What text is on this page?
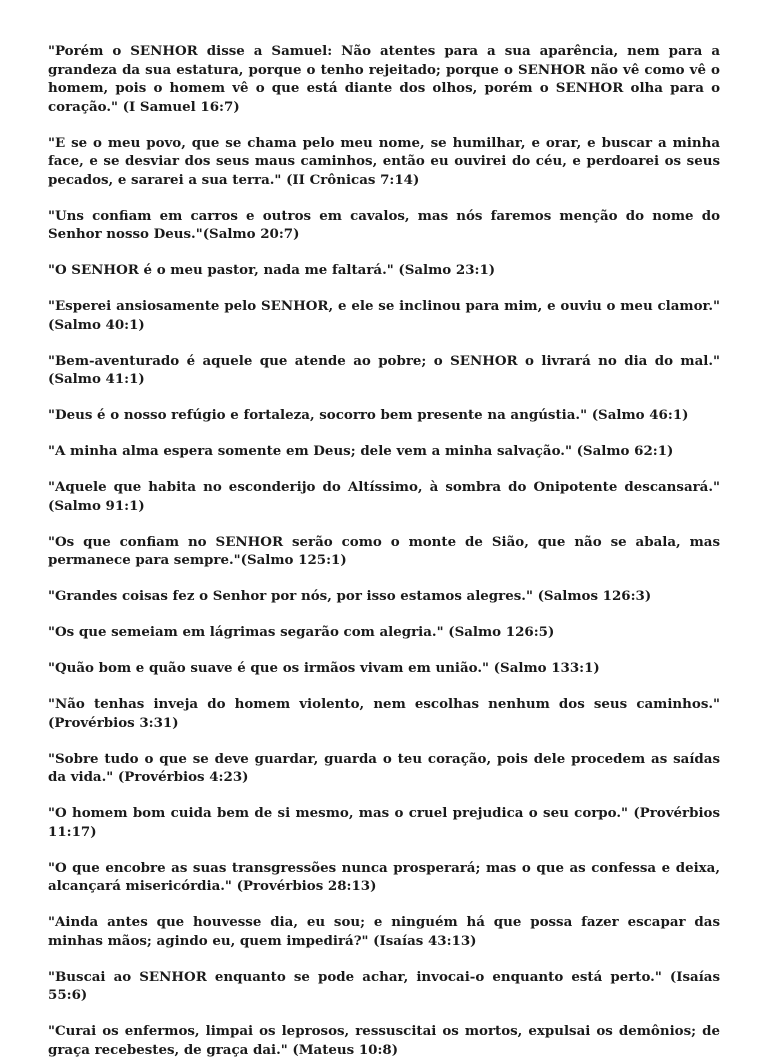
"Porém o SENHOR disse a Samuel: Não atentes para a sua aparência, nem para a grandeza da sua estatura, porque o tenho rejeitado; porque o SENHOR não vê como vê o homem, pois o homem vê o que está diante dos olhos, porém o SENHOR olha para o coração." (I Samuel 16:7)

"E se o meu povo, que se chama pelo meu nome, se humilhar, e orar, e buscar a minha face, e se desviar dos seus maus caminhos, então eu ouvirei do céu, e perdoarei os seus pecados, e sararei a sua terra." (II Crônicas 7:14)

"Uns confiam em carros e outros em cavalos, mas nós faremos menção do nome do Senhor nosso Deus."(Salmo 20:7)

"O SENHOR é o meu pastor, nada me faltará." (Salmo 23:1)

"Esperei ansiosamente pelo SENHOR, e ele se inclinou para mim, e ouviu o meu clamor." (Salmo 40:1)

"Bem-aventurado é aquele que atende ao pobre; o SENHOR o livrará no dia do mal." (Salmo 41:1)

"Deus é o nosso refúgio e fortaleza, socorro bem presente na angústia." (Salmo 46:1)

"A minha alma espera somente em Deus; dele vem a minha salvação." (Salmo 62:1)

"Aquele que habita no esconderijo do Altíssimo, à sombra do Onipotente descansará." (Salmo 91:1)

"Os que confiam no SENHOR serão como o monte de Sião, que não se abala, mas permanece para sempre."(Salmo 125:1)

"Grandes coisas fez o Senhor por nós, por isso estamos alegres." (Salmos 126:3)

"Os que semeiam em lágrimas segarão com alegria." (Salmo 126:5)

"Quão bom e quão suave é que os irmãos vivam em união." (Salmo 133:1)

"Não tenhas inveja do homem violento, nem escolhas nenhum dos seus caminhos." (Provérbios 3:31)

"Sobre tudo o que se deve guardar, guarda o teu coração, pois dele procedem as saídas da vida." (Provérbios 4:23)

"O homem bom cuida bem de si mesmo, mas o cruel prejudica o seu corpo." (Provérbios 11:17)

"O que encobre as suas transgressões nunca prosperará; mas o que as confessa e deixa, alcançará misericórdia." (Provérbios 28:13)

"Ainda antes que houvesse dia, eu sou; e ninguém há que possa fazer escapar das minhas mãos; agindo eu, quem impedirá?" (Isaías 43:13)

"Buscai ao SENHOR enquanto se pode achar, invocai-o enquanto está perto." (Isaías 55:6)

"Curai os enfermos, limpai os leprosos, ressuscitai os mortos, expulsai os demônios; de graça recebestes, de graça dai." (Mateus 10:8)
